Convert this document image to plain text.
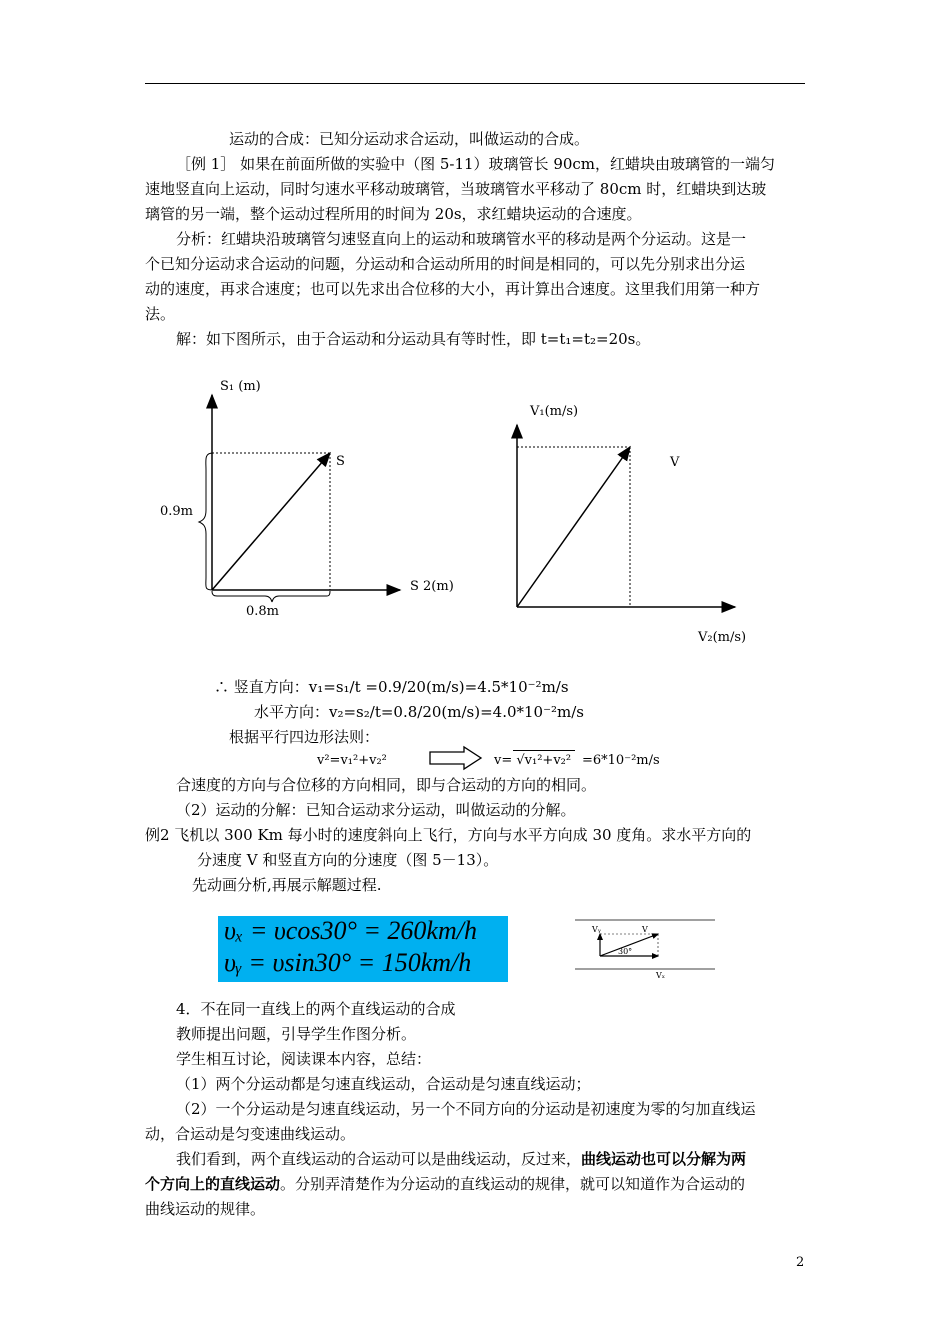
运动的合成：已知分运动求合运动，叫做运动的合成。
［例 1］ 如果在前面所做的实验中（图 5-11）玻璃管长 90cm，红蜡块由玻璃管的一端匀
速地竖直向上运动，同时匀速水平移动玻璃管，当玻璃管水平移动了 80cm 时，红蜡块到达玻
璃管的另一端，整个运动过程所用的时间为 20s，求红蜡块运动的合速度。
分析：红蜡块沿玻璃管匀速竖直向上的运动和玻璃管水平的移动是两个分运动。这是一
个已知分运动求合运动的问题，分运动和合运动所用的时间是相同的，可以先分别求出分运
动的速度，再求合速度；也可以先求出合位移的大小，再计算出合速度。这里我们用第一种方
法。
解：如下图所示，由于合运动和分运动具有等时性，即 t=t₁=t₂=20s。
S₁ (m)
S
0.9m
S 2(m)
0.8m
V₁(m/s)
V
V₂(m/s)
∴ 竖直方向：v₁=s₁/t =0.9/20(m/s)=4.5*10⁻²m/s
水平方向：v₂=s₂/t=0.8/20(m/s)=4.0*10⁻²m/s
根据平行四边形法则：
v²=v₁²+v₂²	v= √v₁²+v₂² =6*10⁻²m/s
合速度的方向与合位移的方向相同，即与合运动的方向的相同。
（2）运动的分解：已知合运动求分运动，叫做运动的分解。
例2 飞机以 300 Km 每小时的速度斜向上飞行，方向与水平方向成 30 度角。求水平方向的
分速度 V 和竖直方向的分速度（图 5－13）。
先动画分析,再展示解题过程.
υₓ = υcos30° = 260km/h
υᵧ = υsin30° = 150km/h
Vᵧ	V
30°
Vₓ
4．不在同一直线上的两个直线运动的合成
教师提出问题，引导学生作图分析。
学生相互讨论，阅读课本内容，总结：
（1）两个分运动都是匀速直线运动，合运动是匀速直线运动；
（2）一个分运动是匀速直线运动，另一个不同方向的分运动是初速度为零的匀加直线运
动，合运动是匀变速曲线运动。
我们看到，两个直线运动的合运动可以是曲线运动，反过来，曲线运动也可以分解为两
个方向上的直线运动。分别弄清楚作为分运动的直线运动的规律，就可以知道作为合运动的
曲线运动的规律。
2
